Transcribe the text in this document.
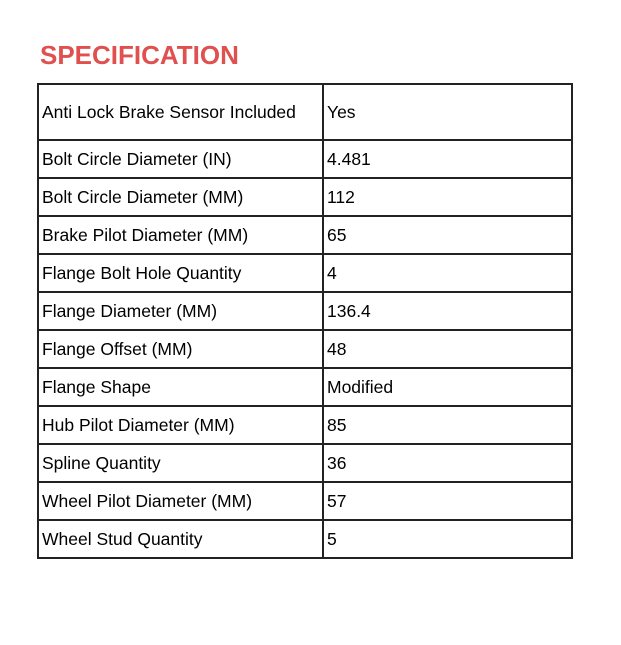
SPECIFICATION
Anti Lock Brake Sensor Included	Yes
Bolt Circle Diameter (IN)	4.481
Bolt Circle Diameter (MM)	112
Brake Pilot Diameter (MM)	65
Flange Bolt Hole Quantity	4
Flange Diameter (MM)	136.4
Flange Offset (MM)	48
Flange Shape	Modified
Hub Pilot Diameter (MM)	85
Spline Quantity	36
Wheel Pilot Diameter (MM)	57
Wheel Stud Quantity	5
